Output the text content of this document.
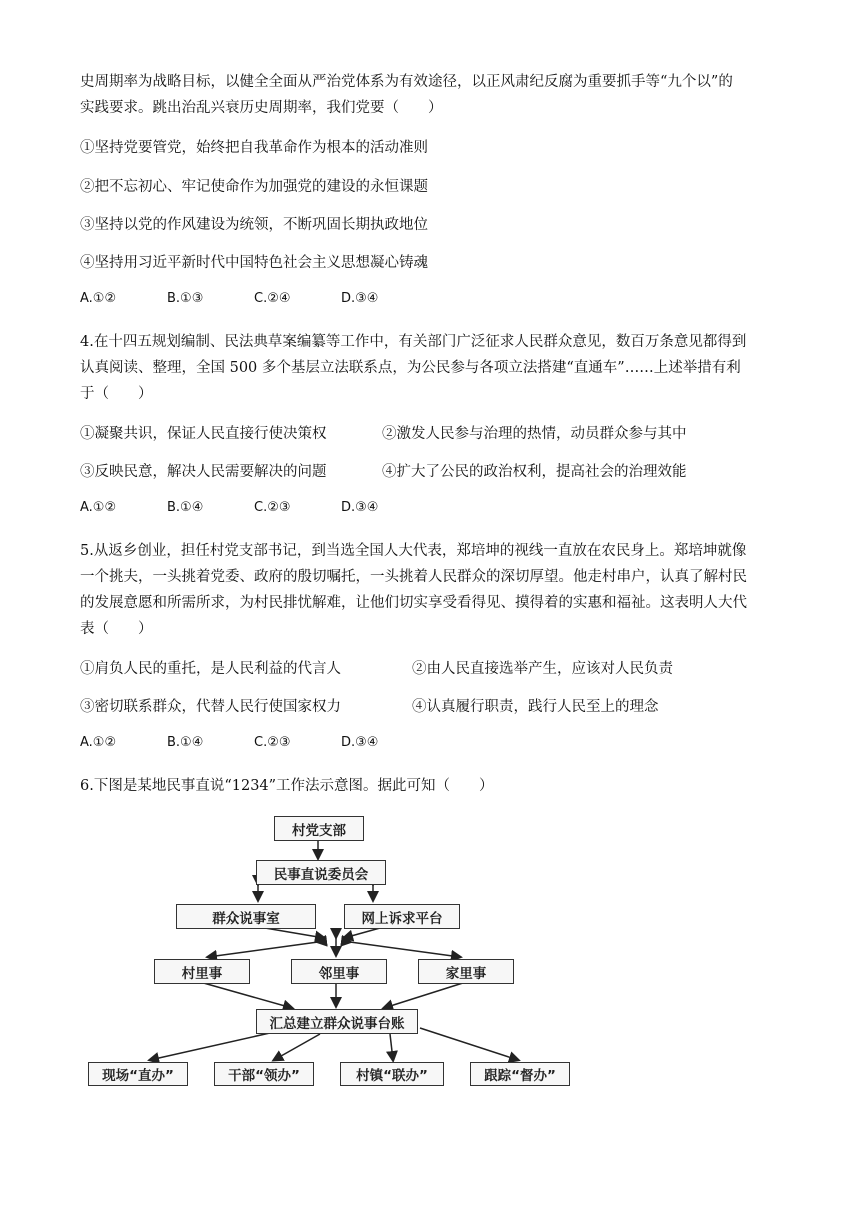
史周期率为战略目标，以健全全面从严治党体系为有效途径，以正风肃纪反腐为重要抓手等“九个以”的
实践要求。跳出治乱兴衰历史周期率，我们党要（　　）
①坚持党要管党，始终把自我革命作为根本的活动准则
②把不忘初心、牢记使命作为加强党的建设的永恒课题
③坚持以党的作风建设为统领，不断巩固长期执政地位
④坚持用习近平新时代中国特色社会主义思想凝心铸魂
A.①②	B.①③	C.②④	D.③④
4.在十四五规划编制、民法典草案编纂等工作中，有关部门广泛征求人民群众意见，数百万条意见都得到
认真阅读、整理，全国 500 多个基层立法联系点，为公民参与各项立法搭建“直通车”……上述举措有利
于（　　）
①凝聚共识，保证人民直接行使决策权	②激发人民参与治理的热情，动员群众参与其中
③反映民意，解决人民需要解决的问题	④扩大了公民的政治权利，提高社会的治理效能
A.①②	B.①④	C.②③	D.③④
5.从返乡创业，担任村党支部书记，到当选全国人大代表，郑培坤的视线一直放在农民身上。郑培坤就像
一个挑夫，一头挑着党委、政府的殷切嘱托，一头挑着人民群众的深切厚望。他走村串户，认真了解村民
的发展意愿和所需所求，为村民排忧解难，让他们切实享受看得见、摸得着的实惠和福祉。这表明人大代
表（　　）
①肩负人民的重托，是人民利益的代言人	②由人民直接选举产生，应该对人民负责
③密切联系群众，代替人民行使国家权力	④认真履行职责，践行人民至上的理念
A.①②	B.①④	C.②③	D.③④
6.下图是某地民事直说“1234”工作法示意图。据此可知（　　）
村党支部
民事直说委员会
群众说事室	网上诉求平台
村里事	邻里事	家里事
汇总建立群众说事台账
现场“直办”	干部“领办”	村镇“联办”	跟踪“督办”
